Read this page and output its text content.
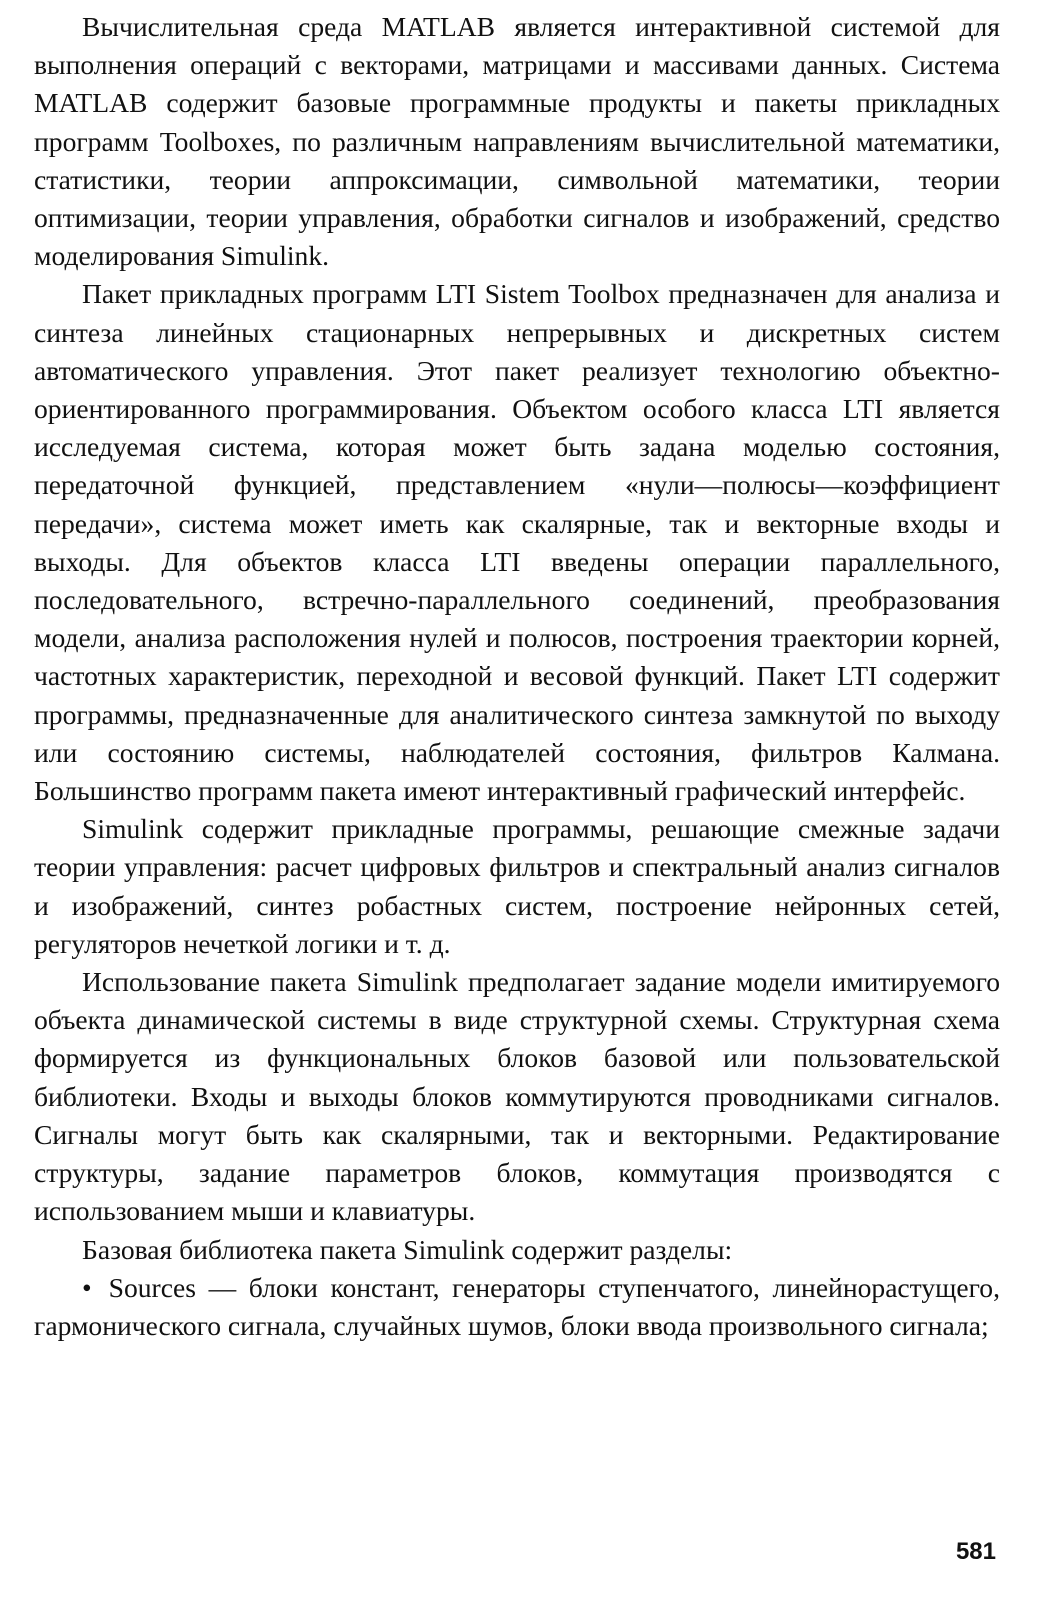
Вычислительная среда MATLAB является интерактивной системой для выполнения операций с векторами, матрицами и массивами данных. Система MATLAB содержит базовые программные продукты и пакеты прикладных программ Toolboxes, по различным направлениям вычислительной математики, статистики, теории аппроксимации, символьной математики, теории оптимизации, теории управления, обработки сигналов и изображений, средство моделирования Simulink.

Пакет прикладных программ LTI Sistem Toolbox предназначен для анализа и синтеза линейных стационарных непрерывных и дискретных систем автоматического управления. Этот пакет реализует технологию объектно-ориентированного программирования. Объектом особого класса LTI является исследуемая система, которая может быть задана моделью состояния, передаточной функцией, представлением «нули—полюсы—коэффициент передачи», система может иметь как скалярные, так и векторные входы и выходы. Для объектов класса LTI введены операции параллельного, последовательного, встречно-параллельного соединений, преобразования модели, анализа расположения нулей и полюсов, построения траектории корней, частотных характеристик, переходной и весовой функций. Пакет LTI содержит программы, предназначенные для аналитического синтеза замкнутой по выходу или состоянию системы, наблюдателей состояния, фильтров Калмана. Большинство программ пакета имеют интерактивный графический интерфейс.

Simulink содержит прикладные программы, решающие смежные задачи теории управления: расчет цифровых фильтров и спектральный анализ сигналов и изображений, синтез робастных систем, построение нейронных сетей, регуляторов нечеткой логики и т. д.

Использование пакета Simulink предполагает задание модели имитируемого объекта динамической системы в виде структурной схемы. Структурная схема формируется из функциональных блоков базовой или пользовательской библиотеки. Входы и выходы блоков коммутируются проводниками сигналов. Сигналы могут быть как скалярными, так и векторными. Редактирование структуры, задание параметров блоков, коммутация производятся с использованием мыши и клавиатуры.

Базовая библиотека пакета Simulink содержит разделы:

• Sources — блоки констант, генераторы ступенчатого, линейнорастущего, гармонического сигнала, случайных шумов, блоки ввода произвольного сигнала;
581
